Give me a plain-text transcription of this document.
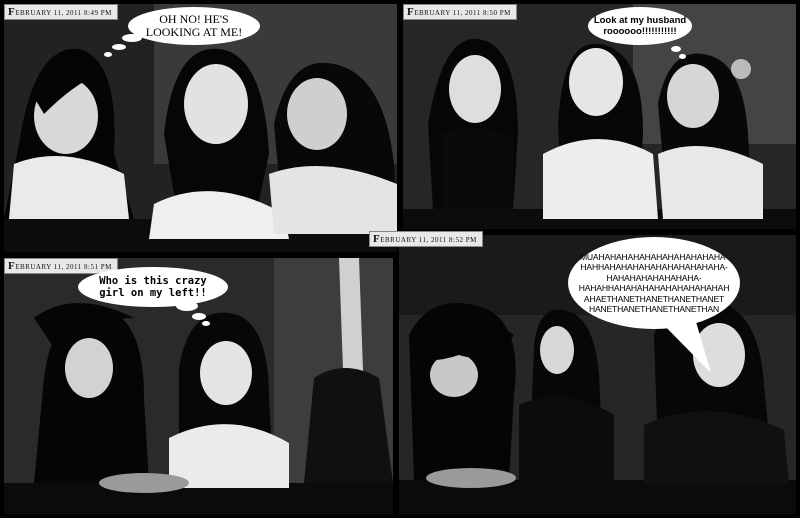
FEBRUARY 11, 2011 8:49 PM	OH NO! HE'S
LOOKING AT ME!
FEBRUARY 11, 2011 8:50 PM
Look at my husband
roooooo!!!!!!!!!!!
FEBRUARY 11, 2011 8:51 PM
Who is this crazy
girl on my left!!
FEBRUARY 11, 2011 8:52 PM
MUAHAHAHAHAHAHAHAHAHAHAHA-
HAHHAHAHAHAHAHAHAHAHAHAHA-
HAHAHAHAHAHAHAHA-
HAHAHHAHAHAHAHAHAHAHAHAHAH
AHAETHANETHANETHANETHANET
HANETHANETHANETHANETHAN
